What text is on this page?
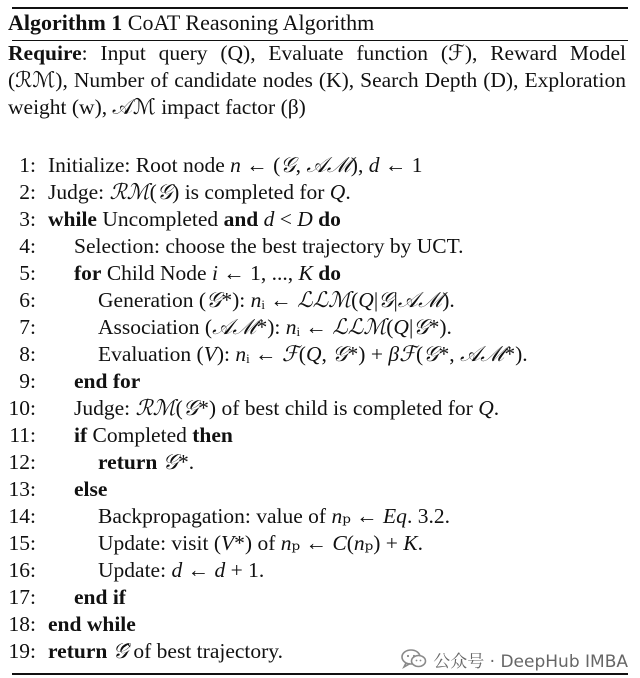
Algorithm 1 CoAT Reasoning Algorithm
Require: Input query (Q), Evaluate function (ℱ), Reward Model (ℛℳ), Number of candidate nodes (K), Search Depth (D), Exploration weight (w), 𝒜ℳ impact factor (β)
1: Initialize: Root node n ← (𝒢, 𝒜ℳ), d ← 1
2: Judge: ℛℳ(𝒢) is completed for Q.
3: while Uncompleted and d < D do
4: Selection: choose the best trajectory by UCT.
5: for Child Node i ← 1, ..., K do
6:	Generation (𝒢*): nᵢ ← ℒℒℳ(Q|𝒢|𝒜ℳ).
7:	Association (𝒜ℳ*): nᵢ ← ℒℒℳ(Q|𝒢*).
8:	Evaluation (V): nᵢ ← ℱ(Q, 𝒢*) + βℱ(𝒢*, 𝒜ℳ*).
9: end for
10: Judge: ℛℳ(𝒢*) of best child is completed for Q.
11: if Completed then
12:	return 𝒢*.
13: else
14:	Backpropagation: value of nₚ ← Eq. 3.2.
15:	Update: visit (V*) of nₚ ← C(nₚ) + K.
16:	Update: d ← d + 1.
17: end if
18: end while
19: return 𝒢̂ of best trajectory.	公众号 · DeepHub IMBA
